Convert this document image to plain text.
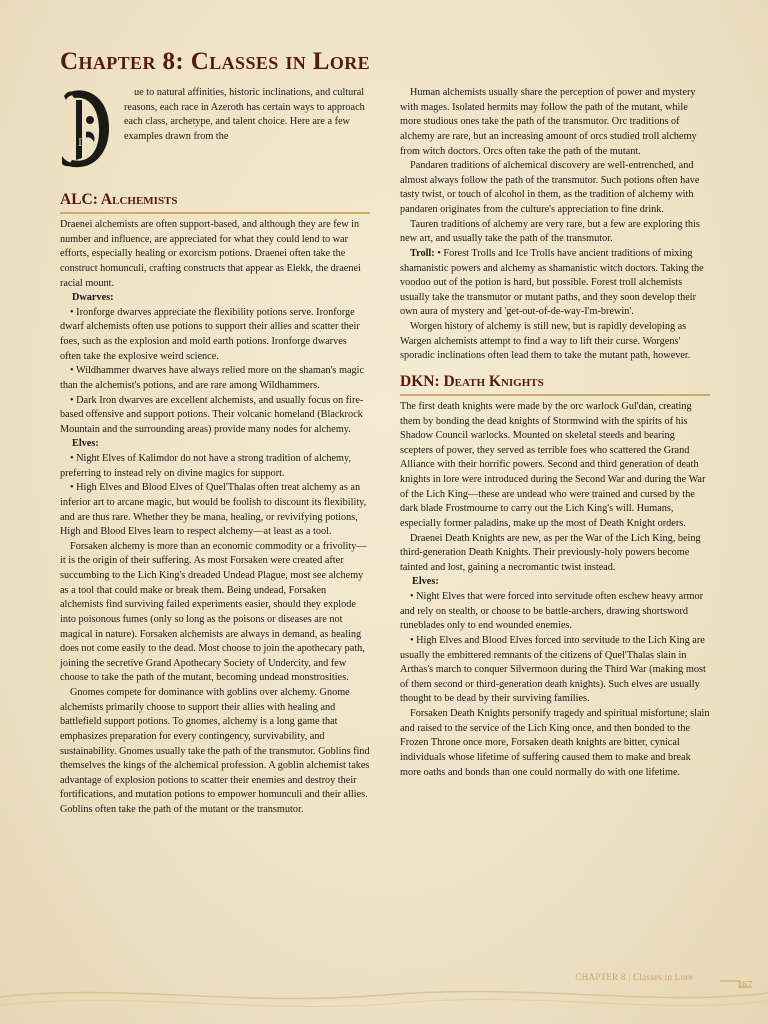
Chapter 8: Classes in Lore
D

ue to natural affinities, historic inclinations, and cultural reasons, each race in Azeroth has certain ways to approach each class, archetype, and talent choice. Here are a few examples drawn from the

ALC: Alchemists

Draenei alchemists are often support-based, and although they are few in number and influence, are appreciated for what they could lend to war efforts, especially healing or exorcism potions. Draenei often take the construct homunculi, crafting constructs that appear as Elekk, the draenei racial mount.

Dwarves:

• Ironforge dwarves appreciate the flexibility potions serve. Ironforge dwarf alchemists often use potions to support their allies and scatter their foes, such as the explosion and mold earth potions. Ironforge dwarves often take the explosive weird science.

• Wildhammer dwarves have always relied more on the shaman's magic than the alchemist's potions, and are rare among Wildhammers.

• Dark Iron dwarves are excellent alchemists, and usually focus on fire-based offensive and support potions. Their volcanic homeland (Blackrock Mountain and the surrounding areas) provide many nodes for alchemy.

Elves:

• Night Elves of Kalimdor do not have a strong tradition of alchemy, preferring to instead rely on divine magics for support.

• High Elves and Blood Elves of Quel'Thalas often treat alchemy as an inferior art to arcane magic, but would be foolish to discount its flexibility, and are thus rare. Whether they be mana, healing, or revivifying potions, High and Blood Elves learn to respect alchemy—at least as a tool.

Forsaken alchemy is more than an economic commodity or a frivolity—it is the origin of their suffering. As most Forsaken were created after succumbing to the Lich King's dreaded Undead Plague, most see alchemy as a tool that could make or break them. Being undead, Forsaken alchemists find surviving failed experiments easier, should they explode into poisonous fumes (only so long as the poisons or diseases are not magical in nature). Forsaken alchemists are always in demand, as healing does not come easily to the dead. Most choose to join the apothecary path, joining the secretive Grand Apothecary Society of Undercity, and few choose to take the path of the mutant, becoming undead monstrosities.

Gnomes compete for dominance with goblins over alchemy. Gnome alchemists primarily choose to support their allies with healing and battlefield support potions. To gnomes, alchemy is a long game that emphasizes preparation for every contingency, survivability, and sustainability. Gnomes usually take the path of the transmutor. Goblins find themselves the kings of the alchemical profession. A goblin alchemist takes advantage of explosion potions to scatter their enemies and destroy their fortifications, and mutation potions to empower homunculi and their allies. Goblins often take the path of the mutant or the transmutor.

Human alchemists usually share the perception of power and mystery with mages. Isolated hermits may follow the path of the mutant, while more studious ones take the path of the transmutor. Orc traditions of alchemy are rare, but an increasing amount of orcs studied troll alchemy from witch doctors. Orcs often take the path of the mutant.

Pandaren traditions of alchemical discovery are well-entrenched, and almost always follow the path of the transmutor. Such potions often have tasty twist, or touch of alcohol in them, as the tradition of alchemy with pandaren originates from the culture's appreciation to fine drink.

Tauren traditions of alchemy are very rare, but a few are exploring this new art, and usually take the path of the transmutor.

Troll: • Forest Trolls and Ice Trolls have ancient traditions of mixing shamanistic powers and alchemy as shamanistic witch doctors. Taking the voodoo out of the potion is hard, but possible. Forest troll alchemists usually take the transmutor or mutant paths, and they soon develop their own aura of mystery and 'get-out-of-de-way-I'm-brewin'.

Worgen history of alchemy is still new, but is rapidly developing as Wargen alchemists attempt to find a way to lift their curse. Worgens' sporadic inclinations often lead them to take the mutant path, however.

DKN: Death Knights

The first death knights were made by the orc warlock Gul'dan, creating them by bonding the dead knights of Stormwind with the spirits of his Shadow Council warlocks. Mounted on skeletal steeds and bearing scepters of power, they served as terrible foes who scattered the Grand Alliance with their horrific powers. Second and third generation of death knights in lore were introduced during the Second War and during the War of the Lich King—these are undead who were trained and cursed by the dark blade Frostmourne to carry out the Lich King's will. Humans, especially former paladins, make up the most of Death Knight orders.

Draenei Death Knights are new, as per the War of the Lich King, being third-generation Death Knights. Their previously-holy powers become tainted and lost, gaining a necromantic twist instead.

Elves:

• Night Elves that were forced into servitude often eschew heavy armor and rely on stealth, or choose to be battle-archers, drawing shortsword runeblades only to end wounded enemies.

• High Elves and Blood Elves forced into servitude to the Lich King are usually the embittered remnants of the citizens of Quel'Thalas slain in Arthas's march to conquer Silvermoon during the Third War (making most of them second or third-generation death knights). Such elves are usually thought to be dead by their surviving families.

Forsaken Death Knights personify tragedy and spiritual misfortune; slain and raised to the service of the Lich King once, and then bonded to the Frozen Throne once more, Forsaken death knights are bitter, cynical individuals whose lifetime of suffering caused them to make and break more oaths and bonds than one could normally do with one lifetime.

CHAPTER 8 | Classes in Lore
167
